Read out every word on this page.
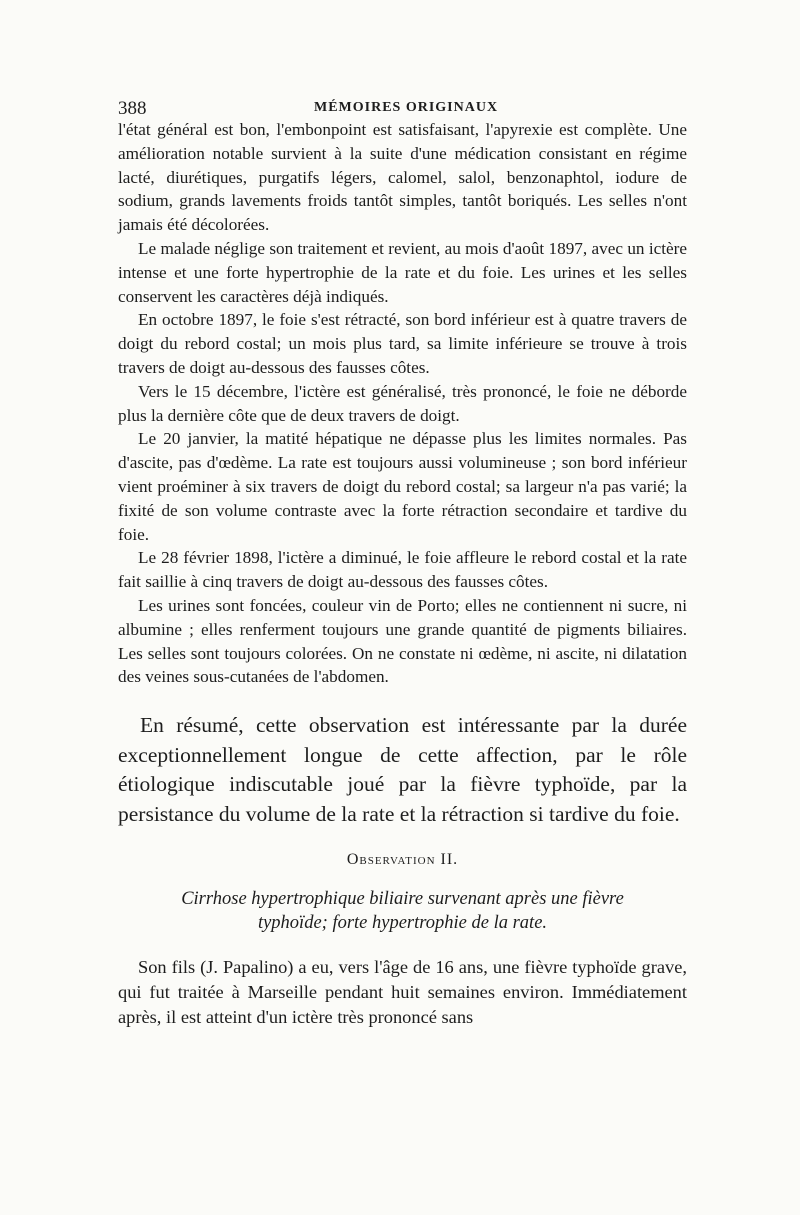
388	MÉMOIRES ORIGINAUX

l'état général est bon, l'embonpoint est satisfaisant, l'apyrexie est complète. Une amélioration notable survient à la suite d'une médication consistant en régime lacté, diurétiques, purgatifs légers, calomel, salol, benzonaphtol, iodure de sodium, grands lavements froids tantôt simples, tantôt boriqués. Les selles n'ont jamais été décolorées.

Le malade néglige son traitement et revient, au mois d'août 1897, avec un ictère intense et une forte hypertrophie de la rate et du foie. Les urines et les selles conservent les caractères déjà indiqués.

En octobre 1897, le foie s'est rétracté, son bord inférieur est à quatre travers de doigt du rebord costal; un mois plus tard, sa limite inférieure se trouve à trois travers de doigt au-dessous des fausses côtes.

Vers le 15 décembre, l'ictère est généralisé, très prononcé, le foie ne déborde plus la dernière côte que de deux travers de doigt.

Le 20 janvier, la matité hépatique ne dépasse plus les limites normales. Pas d'ascite, pas d'œdème. La rate est toujours aussi volumineuse ; son bord inférieur vient proéminer à six travers de doigt du rebord costal; sa largeur n'a pas varié; la fixité de son volume contraste avec la forte rétraction secondaire et tardive du foie.

Le 28 février 1898, l'ictère a diminué, le foie affleure le rebord costal et la rate fait saillie à cinq travers de doigt au-dessous des fausses côtes.

Les urines sont foncées, couleur vin de Porto; elles ne contiennent ni sucre, ni albumine ; elles renferment toujours une grande quantité de pigments biliaires. Les selles sont toujours colorées. On ne constate ni œdème, ni ascite, ni dilatation des veines sous-cutanées de l'abdomen.

En résumé, cette observation est intéressante par la durée exceptionnellement longue de cette affection, par le rôle étiologique indiscutable joué par la fièvre typhoïde, par la persistance du volume de la rate et la rétraction si tardive du foie.

Observation II.
Cirrhose hypertrophique biliaire survenant après une fièvre
typhoïde; forte hypertrophie de la rate.

Son fils (J. Papalino) a eu, vers l'âge de 16 ans, une fièvre typhoïde grave, qui fut traitée à Marseille pendant huit semaines environ. Immédiatement après, il est atteint d'un ictère très prononcé sans
